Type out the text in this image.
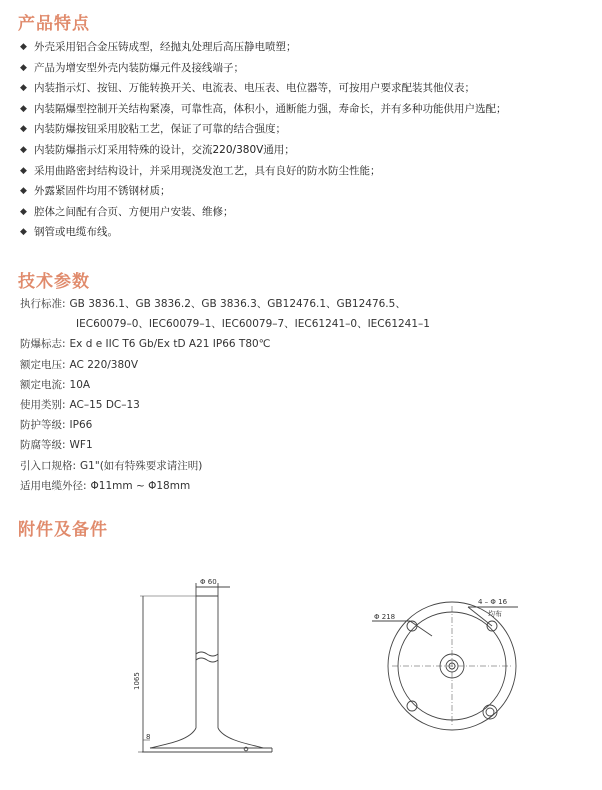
产品特点
◆ 外壳采用铝合金压铸成型，经抛丸处理后高压静电喷塑；
◆ 产品为增安型外壳内装防爆元件及接线端子；
◆ 内装指示灯、按钮、万能转换开关、电流表、电压表、电位器等，可按用户要求配装其他仪表；
◆ 内装隔爆型控制开关结构紧凑，可靠性高，体积小，通断能力强，寿命长，并有多种功能供用户选配；
◆ 内装防爆按钮采用胶粘工艺，保证了可靠的结合强度；
◆ 内装防爆指示灯采用特殊的设计，交流220/380V通用；
◆ 采用曲路密封结构设计，并采用现浇发泡工艺，具有良好的防水防尘性能；
◆ 外露紧固件均用不锈钢材质；
◆ 腔体之间配有合页、方便用户安装、维修；
◆ 钢管或电缆布线。
技术参数
执行标准: GB 3836.1、GB 3836.2、GB 3836.3、GB12476.1、GB12476.5、
IEC60079–0、IEC60079–1、IEC60079–7、IEC61241–0、IEC61241–1
防爆标志: Ex d e IIC T6 Gb/Ex tD A21 IP66 T80℃
额定电压: AC 220/380V
额定电流: 10A
使用类别: AC–15 DC–13
防护等级: IP66
防腐等级: WF1
引入口规格: G1"(如有特殊要求请注明)
适用电缆外径: Φ11mm ~ Φ18mm
附件及备件
Φ 60
1065
8
Φ 218
4 – Φ 16
均布
